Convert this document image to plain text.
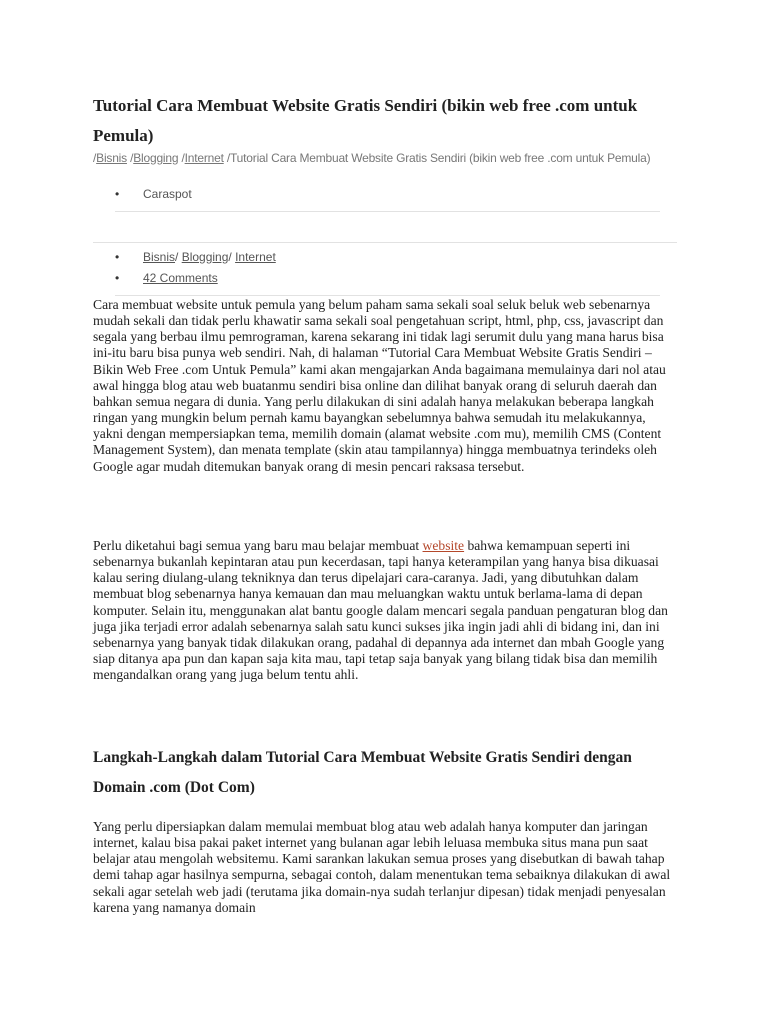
Tutorial Cara Membuat Website Gratis Sendiri (bikin web free .com untuk Pemula)
/Bisnis /Blogging /Internet /Tutorial Cara Membuat Website Gratis Sendiri (bikin web free .com untuk Pemula)
• Caraspot
• Bisnis/ Blogging/ Internet
• 42 Comments

Cara membuat website untuk pemula yang belum paham sama sekali soal seluk beluk web sebenarnya mudah sekali dan tidak perlu khawatir sama sekali soal pengetahuan script, html, php, css, javascript dan segala yang berbau ilmu pemrograman, karena sekarang ini tidak lagi serumit dulu yang mana harus bisa ini-itu baru bisa punya web sendiri. Nah, di halaman “Tutorial Cara Membuat Website Gratis Sendiri – Bikin Web Free .com Untuk Pemula” kami akan mengajarkan Anda bagaimana memulainya dari nol atau awal hingga blog atau web buatanmu sendiri bisa online dan dilihat banyak orang di seluruh daerah dan bahkan semua negara di dunia. Yang perlu dilakukan di sini adalah hanya melakukan beberapa langkah ringan yang mungkin belum pernah kamu bayangkan sebelumnya bahwa semudah itu melakukannya, yakni dengan mempersiapkan tema, memilih domain (alamat website .com mu), memilih CMS (Content Management System), dan menata template (skin atau tampilannya) hingga membuatnya terindeks oleh Google agar mudah ditemukan banyak orang di mesin pencari raksasa tersebut.

Perlu diketahui bagi semua yang baru mau belajar membuat website bahwa kemampuan seperti ini sebenarnya bukanlah kepintaran atau pun kecerdasan, tapi hanya keterampilan yang hanya bisa dikuasai kalau sering diulang-ulang tekniknya dan terus dipelajari cara-caranya. Jadi, yang dibutuhkan dalam membuat blog sebenarnya hanya kemauan dan mau meluangkan waktu untuk berlama-lama di depan komputer. Selain itu, menggunakan alat bantu google dalam mencari segala panduan pengaturan blog dan juga jika terjadi error adalah sebenarnya salah satu kunci sukses jika ingin jadi ahli di bidang ini, dan ini sebenarnya yang banyak tidak dilakukan orang, padahal di depannya ada internet dan mbah Google yang siap ditanya apa pun dan kapan saja kita mau, tapi tetap saja banyak yang bilang tidak bisa dan memilih mengandalkan orang yang juga belum tentu ahli.

Langkah-Langkah dalam Tutorial Cara Membuat Website Gratis Sendiri dengan Domain .com (Dot Com)

Yang perlu dipersiapkan dalam memulai membuat blog atau web adalah hanya komputer dan jaringan internet, kalau bisa pakai paket internet yang bulanan agar lebih leluasa membuka situs mana pun saat belajar atau mengolah websitemu. Kami sarankan lakukan semua proses yang disebutkan di bawah tahap demi tahap agar hasilnya sempurna, sebagai contoh, dalam menentukan tema sebaiknya dilakukan di awal sekali agar setelah web jadi (terutama jika domain-nya sudah terlanjur dipesan) tidak menjadi penyesalan karena yang namanya domain
